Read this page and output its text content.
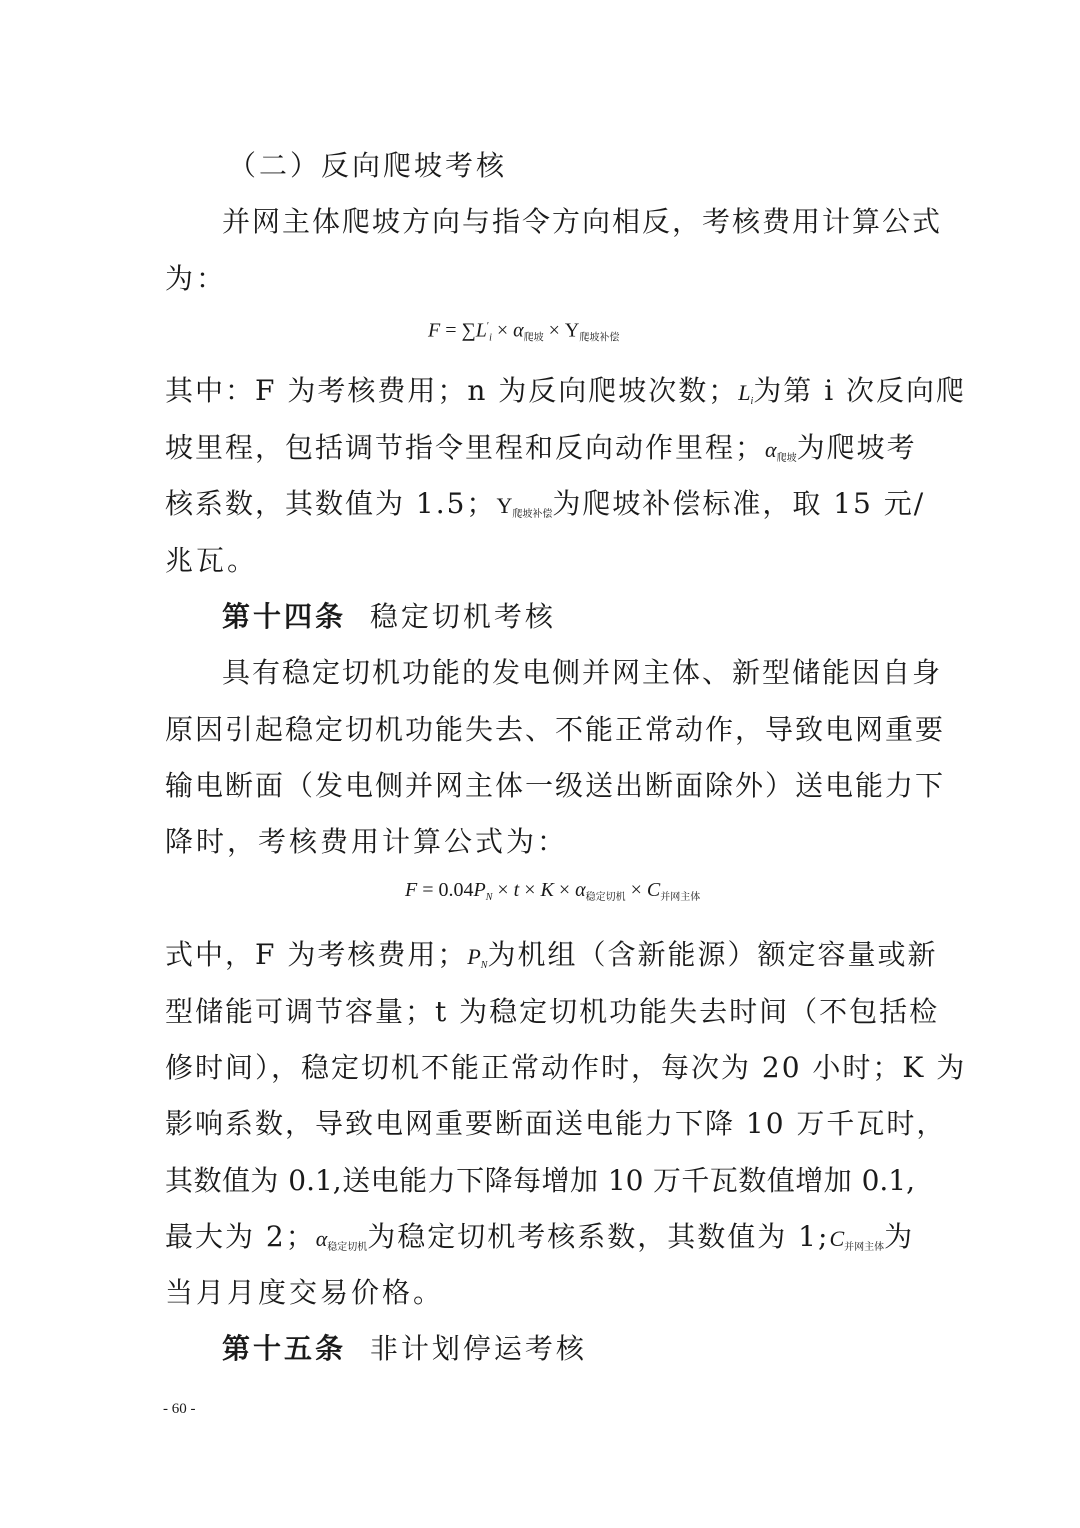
（二）反向爬坡考核
并网主体爬坡方向与指令方向相反，考核费用计算公式
为：
$F = \sum L'_i \times \alpha_{爬坡} \times Y_{爬坡补偿}$
其中：F 为考核费用；n 为反向爬坡次数；$L_i$为第 i 次反向爬
坡里程，包括调节指令里程和反向动作里程；$\alpha_{爬坡}$为爬坡考
核系数，其数值为 1.5；$Y_{爬坡补偿}$为爬坡补偿标准，取 15 元/
兆瓦。
第十四条 稳定切机考核
具有稳定切机功能的发电侧并网主体、新型储能因自身
原因引起稳定切机功能失去、不能正常动作，导致电网重要
输电断面（发电侧并网主体一级送出断面除外）送电能力下
降时，考核费用计算公式为：
$F = 0.04P_N \times t \times K \times \alpha_{稳定切机} \times C_{并网主体}$
式中，F 为考核费用；$P_N$为机组（含新能源）额定容量或新
型储能可调节容量；t 为稳定切机功能失去时间（不包括检
修时间），稳定切机不能正常动作时，每次为 20 小时；K 为
影响系数，导致电网重要断面送电能力下降 10 万千瓦时，
其数值为 0.1,送电能力下降每增加 10 万千瓦数值增加 0.1,
最大为 2；$\alpha_{稳定切机}$为稳定切机考核系数，其数值为 $1;C_{并网主体}$为
当月月度交易价格。
第十五条 非计划停运考核
- 60 -
